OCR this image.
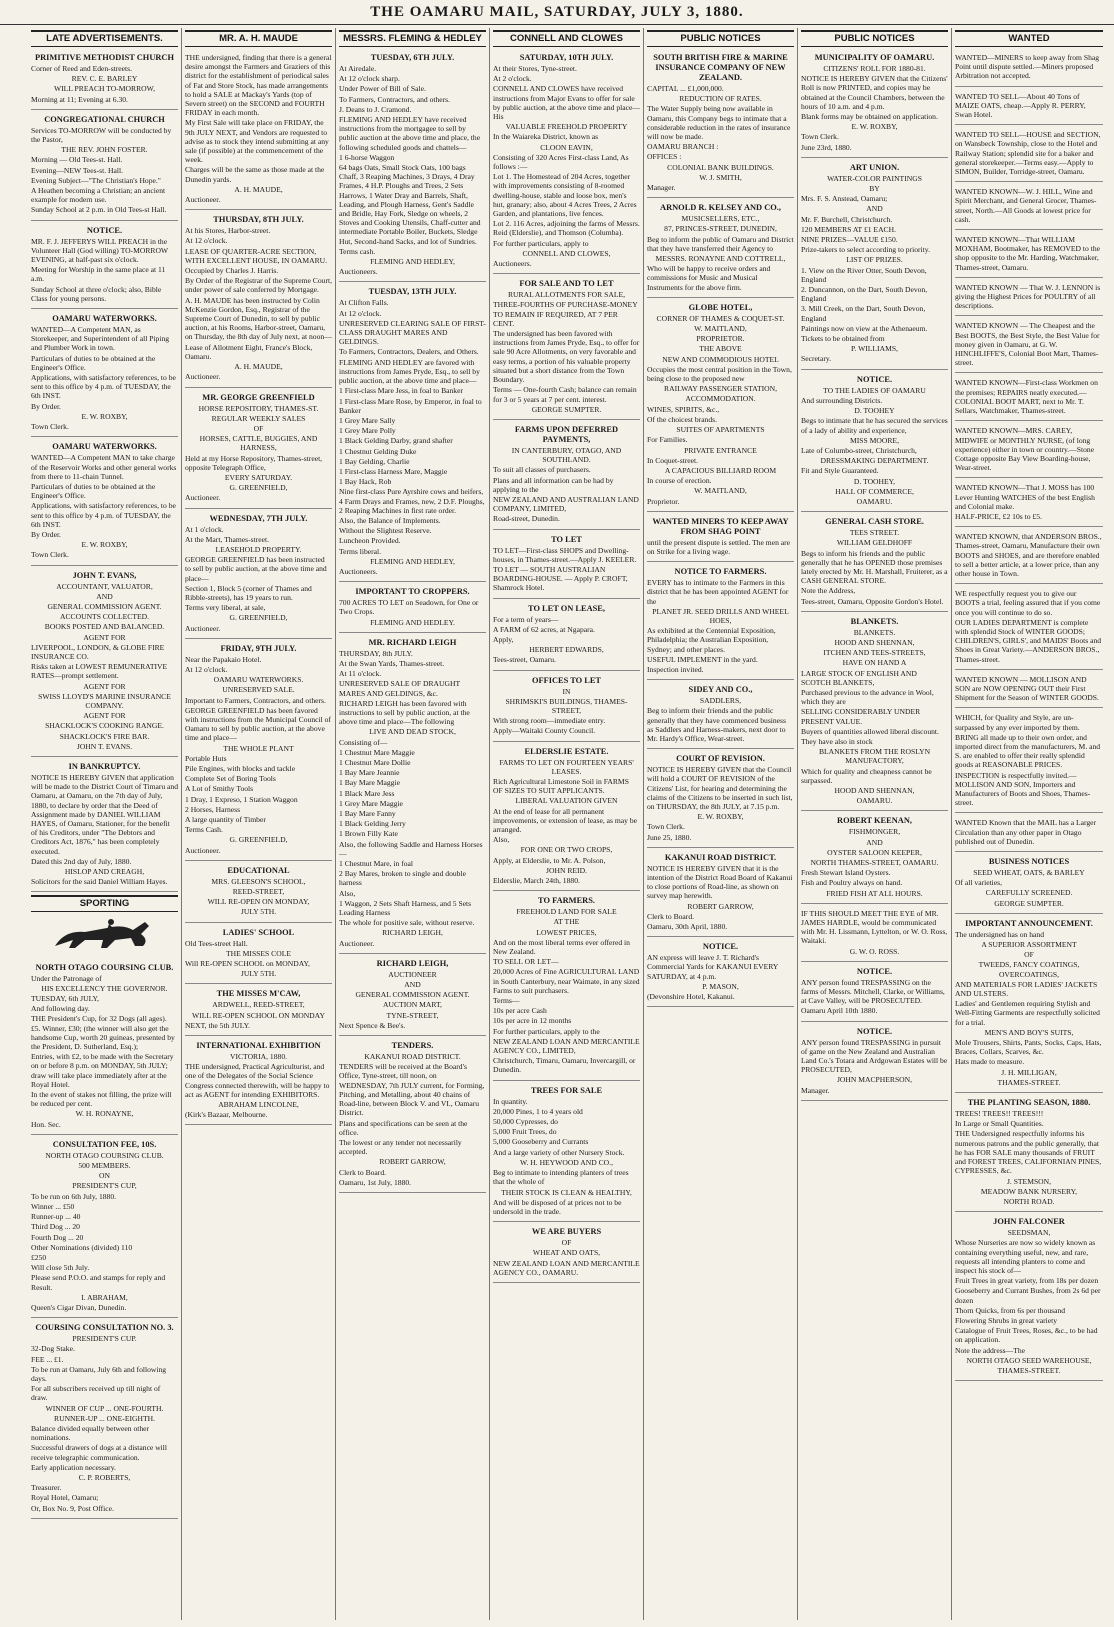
THE OAMARU MAIL, SATURDAY, JULY 3, 1880.
LATE ADVERTISEMENTS.

PRIMITIVE METHODIST CHURCH

Corner of Reed and Eden-streets.

REV. C. E. BARLEY

WILL PREACH TO-MORROW,

Morning at 11; Evening at 6.30.

CONGREGATIONAL CHURCH

Services TO-MORROW will be conducted by the Pastor,

THE REV. JOHN FOSTER.

Morning — Old Tees-st. Hall.

Evening—NEW Tees-st. Hall.

Evening Subject—"The Christian's Hope."

A Heathen becoming a Christian; an ancient example for modern use.

Sunday School at 2 p.m. in Old Tees-st Hall.

NOTICE.

MR. F. J. JEFFERYS WILL PREACH in the Volunteer Hall (God willing) TO-MORROW EVENING, at half-past six o'clock.

Meeting for Worship in the same place at 11 a.m.

Sunday School at three o'clock; also, Bible Class for young persons.

OAMARU WATERWORKS.

WANTED—A Competent MAN, as Storekeeper, and Superintendent of all Piping and Plumber Work in town.

Particulars of duties to be obtained at the Engineer's Office.

Applications, with satisfactory references, to be sent to this office by 4 p.m. of TUESDAY, the 6th INST.

By Order.

E. W. ROXBY,

Town Clerk.

OAMARU WATERWORKS.

WANTED—A Competent MAN to take charge of the Reservoir Works and other general works from there to 11-chain Tunnel.

Particulars of duties to be obtained at the Engineer's Office.

Applications, with satisfactory references, to be sent to this office by 4 p.m. of TUESDAY, the 6th INST.

By Order.

E. W. ROXBY,

Town Clerk.

JOHN T. EVANS,

ACCOUNTANT, VALUATOR,

AND

GENERAL COMMISSION AGENT.

ACCOUNTS COLLECTED.

BOOKS POSTED AND BALANCED.

AGENT FOR

LIVERPOOL, LONDON, & GLOBE FIRE INSURANCE CO.

Risks taken at LOWEST REMUNERATIVE RATES—prompt settlement.

AGENT FOR

SWISS LLOYD'S MARINE INSURANCE COMPANY.

AGENT FOR

SHACKLOCK'S COOKING RANGE.

SHACKLOCK'S FIRE BAR.

JOHN T. EVANS.

IN BANKRUPTCY.

NOTICE IS HEREBY GIVEN that application will be made to the District Court of Timaru and Oamaru, at Oamaru, on the 7th day of July, 1880, to declare by order that the Deed of Assignment made by DANIEL WILLIAM HAYES, of Oamaru, Stationer, for the benefit of his Creditors, under "The Debtors and Creditors Act, 1876," has been completely executed.

Dated this 2nd day of July, 1880.

HISLOP AND CREAGH,

Solicitors for the said Daniel William Hayes.

SPORTING

NORTH OTAGO COURSING CLUB.

Under the Patronage of

HIS EXCELLENCY THE GOVERNOR.

TUESDAY, 6th JULY,

And following day.

THE President's Cup, for 32 Dogs (all ages). £5. Winner, £30; (the winner will also get the handsome Cup, worth 20 guineas, presented by the President, D. Sutherland, Esq.);

Entries, with £2, to be made with the Secretary on or before 8 p.m. on MONDAY, 5th JULY; draw will take place immediately after at the Royal Hotel.

In the event of stakes not filling, the prize will be reduced per cent.

W. H. RONAYNE,

Hon. Sec.

CONSULTATION FEE, 10S.

NORTH OTAGO COURSING CLUB.

500 MEMBERS.

ON

PRESIDENT'S CUP,

To be run on 6th July, 1880.

Winner ... £50

Runner-up ... 40

Third Dog ... 20

Fourth Dog ... 20

Other Nominations (divided) 110

£250

Will close 5th July.

Please send P.O.O. and stamps for reply and Result.

I. ABRAHAM,

Queen's Cigar Divan, Dunedin.

COURSING CONSULTATION NO. 3.

PRESIDENT'S CUP.

32-Dog Stake.

FEE ... £1.

To be run at Oamaru, July 6th and following days.

For all subscribers received up till night of draw.

WINNER OF CUP ... ONE-FOURTH.

RUNNER-UP ... ONE-EIGHTH.

Balance divided equally between other nominations.

Successful drawers of dogs at a distance will receive telegraphic communication.

Early application necessary.

C. P. ROBERTS,

Treasurer.

Royal Hotel, Oamaru;

Or, Box No. 9, Post Office.

MR. A. H. MAUDE

THE undersigned, finding that there is a general desire amongst the Farmers and Graziers of this district for the establishment of periodical sales of Fat and Store Stock, has made arrangements to hold a SALE at Mackay's Yards (top of Severn street) on the SECOND and FOURTH FRIDAY in each month.

My First Sale will take place on FRIDAY, the 9th JULY NEXT, and Vendors are requested to advise as to stock they intend submitting at any sale (if possible) at the commencement of the week.

Charges will be the same as those made at the Dunedin yards.

A. H. MAUDE,

Auctioneer.

THURSDAY, 8TH JULY.

At his Stores, Harbor-street.

At 12 o'clock.

LEASE OF QUARTER-ACRE SECTION, WITH EXCELLENT HOUSE, IN OAMARU.

Occupied by Charles J. Harris.

By Order of the Registrar of the Supreme Court, under power of sale conferred by Mortgage.

A. H. MAUDE has been instructed by Colin McKenzie Gordon, Esq., Registrar of the Supreme Court of Dunedin, to sell by public auction, at his Rooms, Harbor-street, Oamaru, on Thursday, the 8th day of July next, at noon—

Lease of Allotment Eight, France's Block, Oamaru.

A. H. MAUDE,

Auctioneer.

MR. GEORGE GREENFIELD

HORSE REPOSITORY, THAMES-ST.

REGULAR WEEKLY SALES

OF

HORSES, CATTLE, BUGGIES, AND HARNESS,

Held at my Horse Repository, Thames-street, opposite Telegraph Office,

EVERY SATURDAY.

G. GREENFIELD,

Auctioneer.

WEDNESDAY, 7TH JULY.

At 1 o'clock.

At the Mart, Thames-street.

LEASEHOLD PROPERTY.

GEORGE GREENFIELD has been instructed to sell by public auction, at the above time and place—

Section 1, Block 5 (corner of Thames and Ribble-streets), has 19 years to run.

Terms very liberal, at sale,

G. GREENFIELD,

Auctioneer.

FRIDAY, 9TH JULY.

Near the Papakaio Hotel.

At 12 o'clock.

OAMARU WATERWORKS.

UNRESERVED SALE.

Important to Farmers, Contractors, and others.

GEORGE GREENFIELD has been favored with instructions from the Municipal Council of Oamaru to sell by public auction, at the above time and place—

THE WHOLE PLANT

Portable Huts

Pile Engines, with blocks and tackle

Complete Set of Boring Tools

A Lot of Smithy Tools

1 Dray, 1 Expreso, 1 Station Waggon

2 Horses, Harness

A large quantity of Timber

Terms Cash.

G. GREENFIELD,

Auctioneer.

EDUCATIONAL

MRS. GLEESON'S SCHOOL,

REED-STREET,

WILL RE-OPEN ON MONDAY,

JULY 5TH.

LADIES' SCHOOL

Old Tees-street Hall.

THE MISSES COLE

Will RE-OPEN SCHOOL on MONDAY,

JULY 5TH.

THE MISSES M'CAW,

ARDWELL, REED-STREET,

WILL RE-OPEN SCHOOL ON MONDAY

NEXT, the 5th JULY.

INTERNATIONAL EXHIBITION

VICTORIA, 1880.

THE undersigned, Practical Agriculturist, and one of the Delegates of the Social Science Congress connected therewith, will be happy to act as AGENT for intending EXHIBITORS.

ABRAHAM LINCOLNE,

(Kirk's Bazaar, Melbourne.

MESSRS. FLEMING & HEDLEY

TUESDAY, 6TH JULY.

At Airedale.

At 12 o'clock sharp.

Under Power of Bill of Sale.

To Farmers, Contractors, and others.

J. Deans to J. Cramond.

FLEMING AND HEDLEY have received instructions from the mortgagee to sell by public auction at the above time and place, the following scheduled goods and chattels—

1 6-horse Waggon

64 bags Oats, Small Stock Oats, 100 bags Chaff, 3 Reaping Machines, 3 Drays, 4 Dray Frames, 4 H.P. Ploughs and Trees, 2 Sets Harrows, 1 Water Dray and Barrels, Shaft, Leading, and Plough Harness, Gent's Saddle and Bridle, Hay Fork, Sledge on wheels, 2 Stoves and Cooking Utensils, Chaff-cutter and intermediate Portable Boiler, Buckets, Sledge Hut, Second-hand Sacks, and lot of Sundries.

Terms cash.

FLEMING AND HEDLEY,

Auctioneers.

TUESDAY, 13TH JULY.

At Clifton Falls.

At 12 o'clock.

UNRESERVED CLEARING SALE OF FIRST-CLASS DRAUGHT MARES AND GELDINGS.

To Farmers, Contractors, Dealers, and Others.

FLEMING AND HEDLEY are favored with instructions from James Pryde, Esq., to sell by public auction, at the above time and place—

1 First-class Mare Jess, in foal to Banker

1 First-class Mare Rose, by Emperor, in foal to Banker

1 Grey Mare Sally

1 Grey Mare Polly

1 Black Gelding Darby, grand shafter

1 Chestnut Gelding Duke

1 Bay Gelding, Charlie

1 First-class Harness Mare, Maggie

1 Bay Hack, Rob

Nine first-class Pure Ayrshire cows and heifers, 4 Farm Drays and Frames, new, 2 D.F. Ploughs, 2 Reaping Machines in first rate order.

Also, the Balance of Implements.

Without the Slightest Reserve.

Luncheon Provided.

Terms liberal.

FLEMING AND HEDLEY,

Auctioneers.

IMPORTANT TO CROPPERS.

700 ACRES TO LET on Seadown, for One or Two Crops.

FLEMING AND HEDLEY.

MR. RICHARD LEIGH

THURSDAY, 8th JULY.

At the Swan Yards, Thames-street.

At 11 o'clock.

UNRESERVED SALE OF DRAUGHT MARES AND GELDINGS, &c.

RICHARD LEIGH has been favored with instructions to sell by public auction, at the above time and place—The following

LIVE AND DEAD STOCK,

Consisting of—

1 Chestnut Mare Maggie

1 Chestnut Mare Dollie

1 Bay Mare Jeannie

1 Bay Mare Maggie

1 Black Mare Jess

1 Grey Mare Maggie

1 Bay Mare Fanny

1 Black Gelding Jerry

1 Brown Filly Kate

Also, the following Saddle and Harness Horses—

1 Chestnut Mare, in foal

2 Bay Mares, broken to single and double harness

Also,

1 Waggon, 2 Sets Shaft Harness, and 5 Sets Leading Harness

The whole for positive sale, without reserve.

RICHARD LEIGH,

Auctioneer.

RICHARD LEIGH,

AUCTIONEER

AND

GENERAL COMMISSION AGENT.

AUCTION MART,

TYNE-STREET,

Next Spence & Bee's.

TENDERS.

KAKANUI ROAD DISTRICT.

TENDERS will be received at the Board's Office, Tyne-street, till noon, on WEDNESDAY, 7th JULY current, for Forming, Pitching, and Metalling, about 40 chains of Road-line, between Block V. and VI., Oamaru District.

Plans and specifications can be seen at the office.

The lowest or any tender not necessarily accepted.

ROBERT GARROW,

Clerk to Board.

Oamaru, 1st July, 1880.

CONNELL AND CLOWES

SATURDAY, 10TH JULY.

At their Stores, Tyne-street.

At 2 o'clock.

CONNELL AND CLOWES have received instructions from Major Evans to offer for sale by public auction, at the above time and place—His

VALUABLE FREEHOLD PROPERTY

In the Waiareka District, known as

CLOON EAVIN,

Consisting of 320 Acres First-class Land, As follows :—

Lot 1. The Homestead of 204 Acres, together with improvements consisting of 8-roomed dwelling-house, stable and loose box, men's hut, granary; also, about 4 Acres Trees, 2 Acres Garden, and plantations, live fences.

Lot 2. 116 Acres, adjoining the farms of Messrs. Reid (Elderslie), and Thomson (Columba).

For further particulars, apply to

CONNELL AND CLOWES,

Auctioneers.

FOR SALE AND TO LET

RURAL ALLOTMENTS FOR SALE,

THREE-FOURTHS OF PURCHASE-MONEY TO REMAIN IF REQUIRED, AT 7 PER CENT.

The undersigned has been favored with instructions from James Pryde, Esq., to offer for sale 90 Acre Allotments, on very favorable and easy terms, a portion of his valuable property situated but a short distance from the Town Boundary.

Terms — One-fourth Cash; balance can remain for 3 or 5 years at 7 per cent. interest.

GEORGE SUMPTER.

FARMS UPON DEFERRED PAYMENTS,

IN CANTERBURY, OTAGO, AND SOUTHLAND.

To suit all classes of purchasers.

Plans and all information can be had by applying to the

NEW ZEALAND AND AUSTRALIAN LAND COMPANY, LIMITED,

Road-street, Dunedin.

TO LET

TO LET—First-class SHOPS and Dwelling-houses, in Thames-street.—Apply J. KEELER.

TO LET — SOUTH AUSTRALIAN BOARDING-HOUSE. — Apply P. CROFT, Shamrock Hotel.

TO LET ON LEASE,

For a term of years—

A FARM of 62 acres, at Ngapara.

Apply,

HERBERT EDWARDS,

Tees-street, Oamaru.

OFFICES TO LET

IN

SHRIMSKI'S BUILDINGS, THAMES-STREET,

With strong room—immediate entry.

Apply—Waitaki County Council.

ELDERSLIE ESTATE.

FARMS TO LET ON FOURTEEN YEARS' LEASES.

Rich Agricultural Limestone Soil in FARMS OF SIZES TO SUIT APPLICANTS.

LIBERAL VALUATION GIVEN

At the end of lease for all permanent improvements, or extension of lease, as may be arranged.

Also,

FOR ONE OR TWO CROPS,

Apply, at Elderslie, to Mr. A. Polson,

JOHN REID.

Elderslie, March 24th, 1880.

TO FARMERS.

FREEHOLD LAND FOR SALE

AT THE

LOWEST PRICES,

And on the most liberal terms ever offered in New Zealand.

TO SELL OR LET—

20,000 Acres of Fine AGRICULTURAL LAND in South Canterbury, near Waimate, in any sized Farms to suit purchasers.

Terms—

10s per acre Cash

10s per acre in 12 months

For further particulars, apply to the

NEW ZEALAND LOAN AND MERCANTILE AGENCY CO., LIMITED,

Christchurch, Timaru, Oamaru, Invercargill, or Dunedin.

TREES FOR SALE

In quantity.

20,000 Pines, 1 to 4 years old

50,000 Cypresses, do

5,000 Fruit Trees, do

5,000 Gooseberry and Currants

And a large variety of other Nursery Stock.

W. H. HEYWOOD AND CO.,

Beg to intimate to intending planters of trees that the whole of

THEIR STOCK IS CLEAN & HEALTHY,

And will be disposed of at prices not to be undersold in the trade.

WE ARE BUYERS

OF

WHEAT AND OATS,

NEW ZEALAND LOAN AND MERCANTILE AGENCY CO., OAMARU.

PUBLIC NOTICES

SOUTH BRITISH FIRE & MARINE INSURANCE COMPANY OF NEW ZEALAND.

CAPITAL ... £1,000,000.

REDUCTION OF RATES.

The Water Supply being now available in Oamaru, this Company begs to intimate that a considerable reduction in the rates of insurance will now be made.

OAMARU BRANCH :

OFFICES :

COLONIAL BANK BUILDINGS.

W. J. SMITH,

Manager.

ARNOLD R. KELSEY AND CO.,

MUSICSELLERS, ETC.,

87, PRINCES-STREET, DUNEDIN,

Beg to inform the public of Oamaru and District that they have transferred their Agency to

MESSRS. RONAYNE AND COTTRELL,

Who will be happy to receive orders and commissions for Music and Musical Instruments for the above firm.

GLOBE HOTEL,

CORNER OF THAMES & COQUET-ST.

W. MAITLAND,

PROPRIETOR.

THE ABOVE

NEW AND COMMODIOUS HOTEL

Occupies the most central position in the Town, being close to the proposed new

RAILWAY PASSENGER STATION,

ACCOMMODATION.

WINES, SPIRITS, &c.,

Of the choicest brands.

SUITES OF APARTMENTS

For Families.

PRIVATE ENTRANCE

In Coquet-street.

A CAPACIOUS BILLIARD ROOM

In course of erection.

W. MAITLAND,

Proprietor.

WANTED MINERS TO KEEP AWAY FROM SHAG POINT

until the present dispute is settled. The men are on Strike for a living wage.

NOTICE TO FARMERS.

EVERY has to intimate to the Farmers in this district that he has been appointed AGENT for the

PLANET JR. SEED DRILLS AND WHEEL HOES,

As exhibited at the Centennial Exposition, Philadelphia; the Australian Exposition, Sydney; and other places.

USEFUL IMPLEMENT in the yard.

Inspection invited.

SIDEY AND CO.,

SADDLERS,

Beg to inform their friends and the public generally that they have commenced business as Saddlers and Harness-makers, next door to Mr. Hardy's Office, Wear-street.

COURT OF REVISION.

NOTICE IS HEREBY GIVEN that the Council will hold a COURT OF REVISION of the Citizens' List, for hearing and determining the claims of the Citizens to be inserted in such list, on THURSDAY, the 8th JULY, at 7.15 p.m.

E. W. ROXBY,

Town Clerk.

June 25, 1880.

KAKANUI ROAD DISTRICT.

NOTICE IS HEREBY GIVEN that it is the intention of the District Road Board of Kakanui to close portions of Road-line, as shown on survey map herewith.

ROBERT GARROW,

Clerk to Board.

Oamaru, 30th April, 1880.

NOTICE.

AN express will leave J. T. Richard's Commercial Yards for KAKANUI EVERY SATURDAY, at 4 p.m.

P. MASON,

(Devonshire Hotel, Kakanui.

PUBLIC NOTICES

MUNICIPALITY OF OAMARU.

CITIZENS' ROLL FOR 1880-81.

NOTICE IS HEREBY GIVEN that the Citizens' Roll is now PRINTED, and copies may be obtained at the Council Chambers, between the hours of 10 a.m. and 4 p.m.

Blank forms may be obtained on application.

E. W. ROXBY,

Town Clerk.

June 23rd, 1880.

ART UNION.

WATER-COLOR PAINTINGS

BY

Mrs. F. S. Anstead, Oamaru;

AND

Mr. F. Burchell, Christchurch.

120 MEMBERS AT £1 EACH.

NINE PRIZES—VALUE £150.

Prize-takers to select according to priority.

LIST OF PRIZES.

1. View on the River Otter, South Devon, England

2. Duncannon, on the Dart, South Devon, England

3. Mill Creek, on the Dart, South Devon, England

Paintings now on view at the Athenaeum.

Tickets to be obtained from

P. WILLIAMS,

Secretary.

NOTICE.

TO THE LADIES OF OAMARU

And surrounding Districts.

D. TOOHEY

Begs to intimate that he has secured the services of a lady of ability and experience,

MISS MOORE,

Late of Columbo-street, Christchurch,

DRESSMAKING DEPARTMENT.

Fit and Style Guaranteed.

D. TOOHEY,

HALL OF COMMERCE,

OAMARU.

GENERAL CASH STORE.

TEES STREET.

WILLIAM GELDHOFF

Begs to inform his friends and the public generally that he has OPENED those premises lately erected by Mr. H. Marshall, Fruiterer, as a CASH GENERAL STORE.

Note the Address,

Tees-street, Oamaru, Opposite Gordon's Hotel.

BLANKETS.

BLANKETS.

HOOD AND SHENNAN,

ITCHEN AND TEES-STREETS,

HAVE ON HAND A

LARGE STOCK OF ENGLISH AND SCOTCH BLANKETS,

Purchased previous to the advance in Wool, which they are

SELLING CONSIDERABLY UNDER PRESENT VALUE.

Buyers of quantities allowed liberal discount.

They have also in stock

BLANKETS FROM THE ROSLYN MANUFACTORY,

Which for quality and cheapness cannot be surpassed.

HOOD AND SHENNAN,

OAMARU.

ROBERT KEENAN,

FISHMONGER,

AND

OYSTER SALOON KEEPER,

NORTH THAMES-STREET, OAMARU.

Fresh Stewart Island Oysters.

Fish and Poultry always on hand.

FRIED FISH AT ALL HOURS.

IF THIS SHOULD MEET THE EYE of MR. JAMES HARDLE, would be communicated with Mr. H. Lissmann, Lyttelton, or W. O. Ross, Waitaki.

G. W. O. ROSS.

NOTICE.

ANY person found TRESPASSING on the farms of Messrs. Mitchell, Clarke, or Williams, at Cave Valley, will be PROSECUTED.

Oamaru April 10th 1880.

NOTICE.

ANY person found TRESPASSING in pursuit of game on the New Zealand and Australian Land Co.'s Totara and Ardgowan Estates will be PROSECUTED,

JOHN MACPHERSON,

Manager.

WANTED

WANTED—MINERS to keep away from Shag Point until dispute settled.—Miners proposed Arbitration not accepted.

WANTED TO SELL—About 40 Tons of MAIZE OATS, cheap.—Apply R. PERRY, Swan Hotel.

WANTED TO SELL—HOUSE and SECTION, on Wansbeck Township, close to the Hotel and Railway Station; splendid site for a baker and general storekeeper.—Terms easy.—Apply to SIMON, Builder, Torridge-street, Oamaru.

WANTED KNOWN—W. J. HILL, Wine and Spirit Merchant, and General Grocer, Thames-street, North.—All Goods at lowest price for cash.

WANTED KNOWN—That WILLIAM MOXHAM, Bootmaker, has REMOVED to the shop opposite to the Mr. Harding, Watchmaker, Thames-street, Oamaru.

WANTED KNOWN — That W. J. LENNON is giving the Highest Prices for POULTRY of all descriptions.

WANTED KNOWN — The Cheapest and the Best BOOTS, the Best Style, the Best Value for money given in Oamaru, at G. W. HINCHLIFFE'S, Colonial Boot Mart, Thames-street.

WANTED KNOWN—First-class Workmen on the premises; REPAIRS neatly executed.—COLONIAL BOOT MART, next to Mr. T. Sellars, Watchmaker, Thames-street.

WANTED KNOWN—MRS. CAREY, MIDWIFE or MONTHLY NURSE, (of long experience) either in town or country.—Stone Cottage opposite Bay View Boarding-house, Wear-street.

WANTED KNOWN—That J. MOSS has 100 Lever Hunting WATCHES of the best English and Colonial make.

HALF-PRICE, £2 10s to £5.

WANTED KNOWN, that ANDERSON BROS., Thames-street, Oamaru, Manufacture their own BOOTS and SHOES, and are therefore enabled to sell a better article, at a lower price, than any other house in Town.

WE respectfully request you to give our BOOTS a trial, feeling assured that if you come once you will continue to do so.

OUR LADIES DEPARTMENT is complete with splendid Stock of WINTER GOODS; CHILDREN'S, GIRLS', and MAIDS' Boots and Shoes in Great Variety.—ANDERSON BROS., Thames-street.

WANTED KNOWN — MOLLISON AND SON are NOW OPENING OUT their First Shipment for the Season of WINTER GOODS.

WHICH, for Quality and Style, are un-surpassed by any ever imported by them.

BRING all made up to their own order, and imported direct from the manufacturers, M. and S. are enabled to offer their really splendid goods at REASONABLE PRICES.

INSPECTION is respectfully invited.—MOLLISON AND SON, Importers and Manufacturers of Boots and Shoes, Thames-street.

WANTED Known that the MAIL has a Larger Circulation than any other paper in Otago published out of Dunedin.

BUSINESS NOTICES

SEED WHEAT, OATS, & BARLEY

Of all varieties,

CAREFULLY SCREENED.

GEORGE SUMPTER.

IMPORTANT ANNOUNCEMENT.

The undersigned has on hand

A SUPERIOR ASSORTMENT

OF

TWEEDS, FANCY COATINGS, OVERCOATINGS,

AND MATERIALS FOR LADIES' JACKETS AND ULSTERS.

Ladies' and Gentlemen requiring Stylish and Well-Fitting Garments are respectfully solicited for a trial.

MEN'S AND BOY'S SUITS,

Mole Trousers, Shirts, Pants, Socks, Caps, Hats, Braces, Collars, Scarves, &c.

Hats made to measure.

J. H. MILLIGAN,

THAMES-STREET.

THE PLANTING SEASON, 1880.

TREES! TREES!! TREES!!!

In Large or Small Quantities.

THE Undersigned respectfully informs his numerous patrons and the public generally, that he has FOR SALE many thousands of FRUIT and FOREST TREES, CALIFORNIAN PINES, CYPRESSES, &c.

J. STEMSON,

MEADOW BANK NURSERY,

NORTH ROAD.

JOHN FALCONER

SEEDSMAN,

Whose Nurseries are now so widely known as containing everything useful, new, and rare, requests all intending planters to come and inspect his stock of—

Fruit Trees in great variety, from 18s per dozen

Gooseberry and Currant Bushes, from 2s 6d per dozen

Thorn Quicks, from 6s per thousand

Flowering Shrubs in great variety

Catalogue of Fruit Trees, Roses, &c., to be had on application.

Note the address—The

NORTH OTAGO SEED WAREHOUSE,

THAMES-STREET.
